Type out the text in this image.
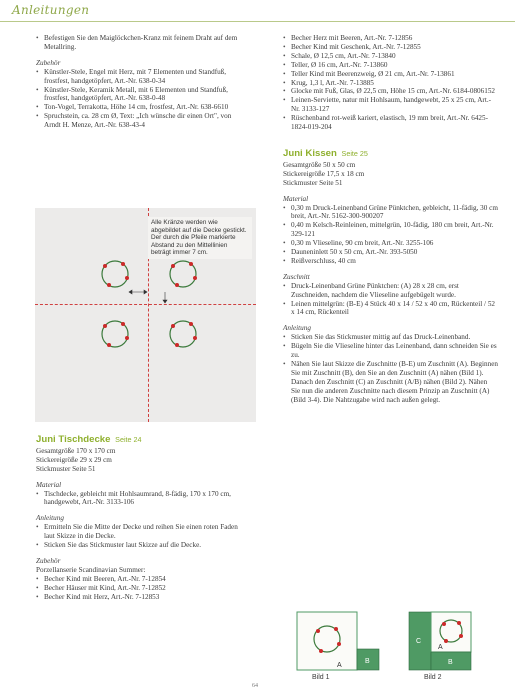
Anleitungen
• Befestigen Sie den Maiglöckchen-Kranz mit feinem Draht auf dem Metallring.
Zubehör
• Künstler-Stele, Engel mit Herz, mit 7 Elementen und Standfuß, frostfest, handgetöpfert, Art.-Nr. 638-0-34
• Künstler-Stele, Keramik Metall, mit 6 Elementen und Standfuß, frostfest, handgetöpfert, Art.-Nr. 638-0-48
• Ton-Vogel, Terrakotta, Höhe 14 cm, frostfest, Art.-Nr. 638-6610
• Spruchstein, ca. 28 cm Ø, Text: „Ich wünsche dir einen Ort", von Arndt H. Menze, Art.-Nr. 638-43-4
Alle Kränze werden wie abgebildet auf die Decke gestickt. Der durch die Pfeile markierte Abstand zu den Mittellinien beträgt immer 7 cm.
Juni Tischdecke Seite 24
Gesamtgröße 170 x 170 cm
Stickereigröße 29 x 29 cm
Stickmuster Seite 51
Material
• Tischdecke, gebleicht mit Hohlsaumrand, 8-fädig, 170 x 170 cm, handgewebt, Art.-Nr. 3133-106
Anleitung
• Ermitteln Sie die Mitte der Decke und reihen Sie einen roten Faden laut Skizze in die Decke.
• Sticken Sie das Stickmuster laut Skizze auf die Decke.
Zubehör
Porzellanserie Scandinavian Summer:
• Becher Kind mit Beeren, Art.-Nr. 7-12854
• Becher Häuser mit Kind, Art.-Nr. 7-12852
• Becher Kind mit Herz, Art.-Nr. 7-12853
• Becher Herz mit Beeren, Art.-Nr. 7-12856
• Becher Kind mit Geschenk, Art.-Nr. 7-12855
• Schale, Ø 12,5 cm, Art.-Nr. 7-13840
• Teller, Ø 16 cm, Art.-Nr. 7-13860
• Teller Kind mit Beerenzweig, Ø 21 cm, Art.-Nr. 7-13861
• Krug, 1,3 l, Art.-Nr. 7-13885
• Glocke mit Fuß, Glas, Ø 22,5 cm, Höhe 15 cm, Art.-Nr. 6184-0806152
• Leinen-Serviette, natur mit Hohlsaum, handgewebt, 25 x 25 cm, Art.-Nr. 3133-127
• Rüschenband rot-weiß kariert, elastisch, 19 mm breit, Art.-Nr. 6425-1824-019-204
Juni Kissen Seite 25
Gesamtgröße 50 x 50 cm
Stickereigröße 17,5 x 18 cm
Stickmuster Seite 51
Material
• 0,30 m Druck-Leinenband Grüne Pünktchen, gebleicht, 11-fädig, 30 cm breit, Art.-Nr. 5162-300-900207
• 0,40 m Kelsch-Reinleinen, mittelgrün, 10-fädig, 180 cm breit, Art.-Nr. 329-121
• 0,30 m Vlieseline, 90 cm breit, Art.-Nr. 3255-106
• Dauneninlett 50 x 50 cm, Art.-Nr. 393-5050
• Reißverschluss, 40 cm
Zuschnitt
• Druck-Leinenband Grüne Pünktchen: (A) 28 x 28 cm, erst Zuschneiden, nachdem die Vlieseline aufgebügelt wurde.
• Leinen mittelgrün: (B-E) 4 Stück 40 x 14 / 52 x 40 cm, Rückenteil / 52 x 14 cm, Rückenteil
Anleitung
• Sticken Sie das Stickmuster mittig auf das Druck-Leinenband.
• Bügeln Sie die Vlieseline hinter das Leinenband, dann schneiden Sie es zu.
• Nähen Sie laut Skizze die Zuschnitte (B-E) um Zuschnitt (A). Beginnen Sie mit Zuschnitt (B), den Sie an den Zuschnitt (A) nähen (Bild 1). Danach den Zuschnitt (C) an Zuschnitt (A/B) nähen (Bild 2). Nähen Sie nun die anderen Zuschnitte nach diesem Prinzip an Zuschnitt (A) (Bild 3-4). Die Nahtzugabe wird nach außen gelegt.
A
B
C
A
B
Bild 1	Bild 2
64
